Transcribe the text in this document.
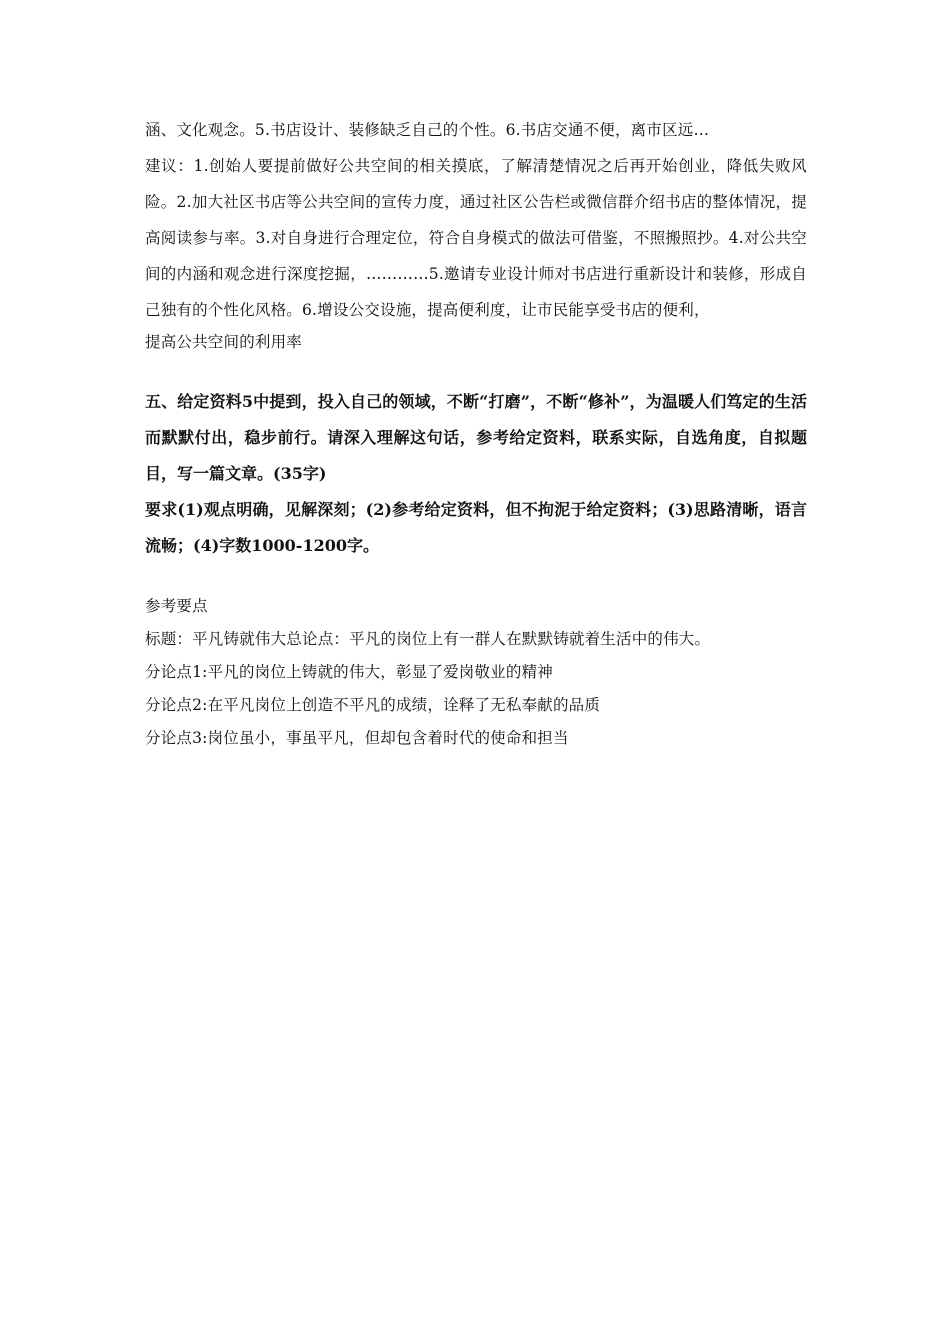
涵、文化观念。5.书店设计、装修缺乏自己的个性。6.书店交通不便，离市区远…

建议：1.创始人要提前做好公共空间的相关摸底，了解清楚情况之后再开始创业，降低失败风险。2.加大社区书店等公共空间的宣传力度，通过社区公告栏或微信群介绍书店的整体情况，提高阅读参与率。3.对自身进行合理定位，符合自身模式的做法可借鉴，不照搬照抄。4.对公共空间的内涵和观念进行深度挖掘，…………5.邀请专业设计师对书店进行重新设计和装修，形成自己独有的个性化风格。6.增设公交设施，提高便利度，让市民能享受书店的便利，

提高公共空间的利用率

五、给定资料5中提到，投入自己的领域，不断“打磨”，不断“修补”，为温暖人们笃定的生活而默默付出，稳步前行。请深入理解这句话，参考给定资料，联系实际，自选角度，自拟题目，写一篇文章。(35字)

要求(1)观点明确，见解深刻；(2)参考给定资料，但不拘泥于给定资料；(3)思路清晰，语言流畅；(4)字数1000-1200字。

参考要点

标题：平凡铸就伟大总论点：平凡的岗位上有一群人在默默铸就着生活中的伟大。

分论点1:平凡的岗位上铸就的伟大，彰显了爱岗敬业的精神

分论点2:在平凡岗位上创造不平凡的成绩，诠释了无私奉献的品质

分论点3:岗位虽小，事虽平凡，但却包含着时代的使命和担当
